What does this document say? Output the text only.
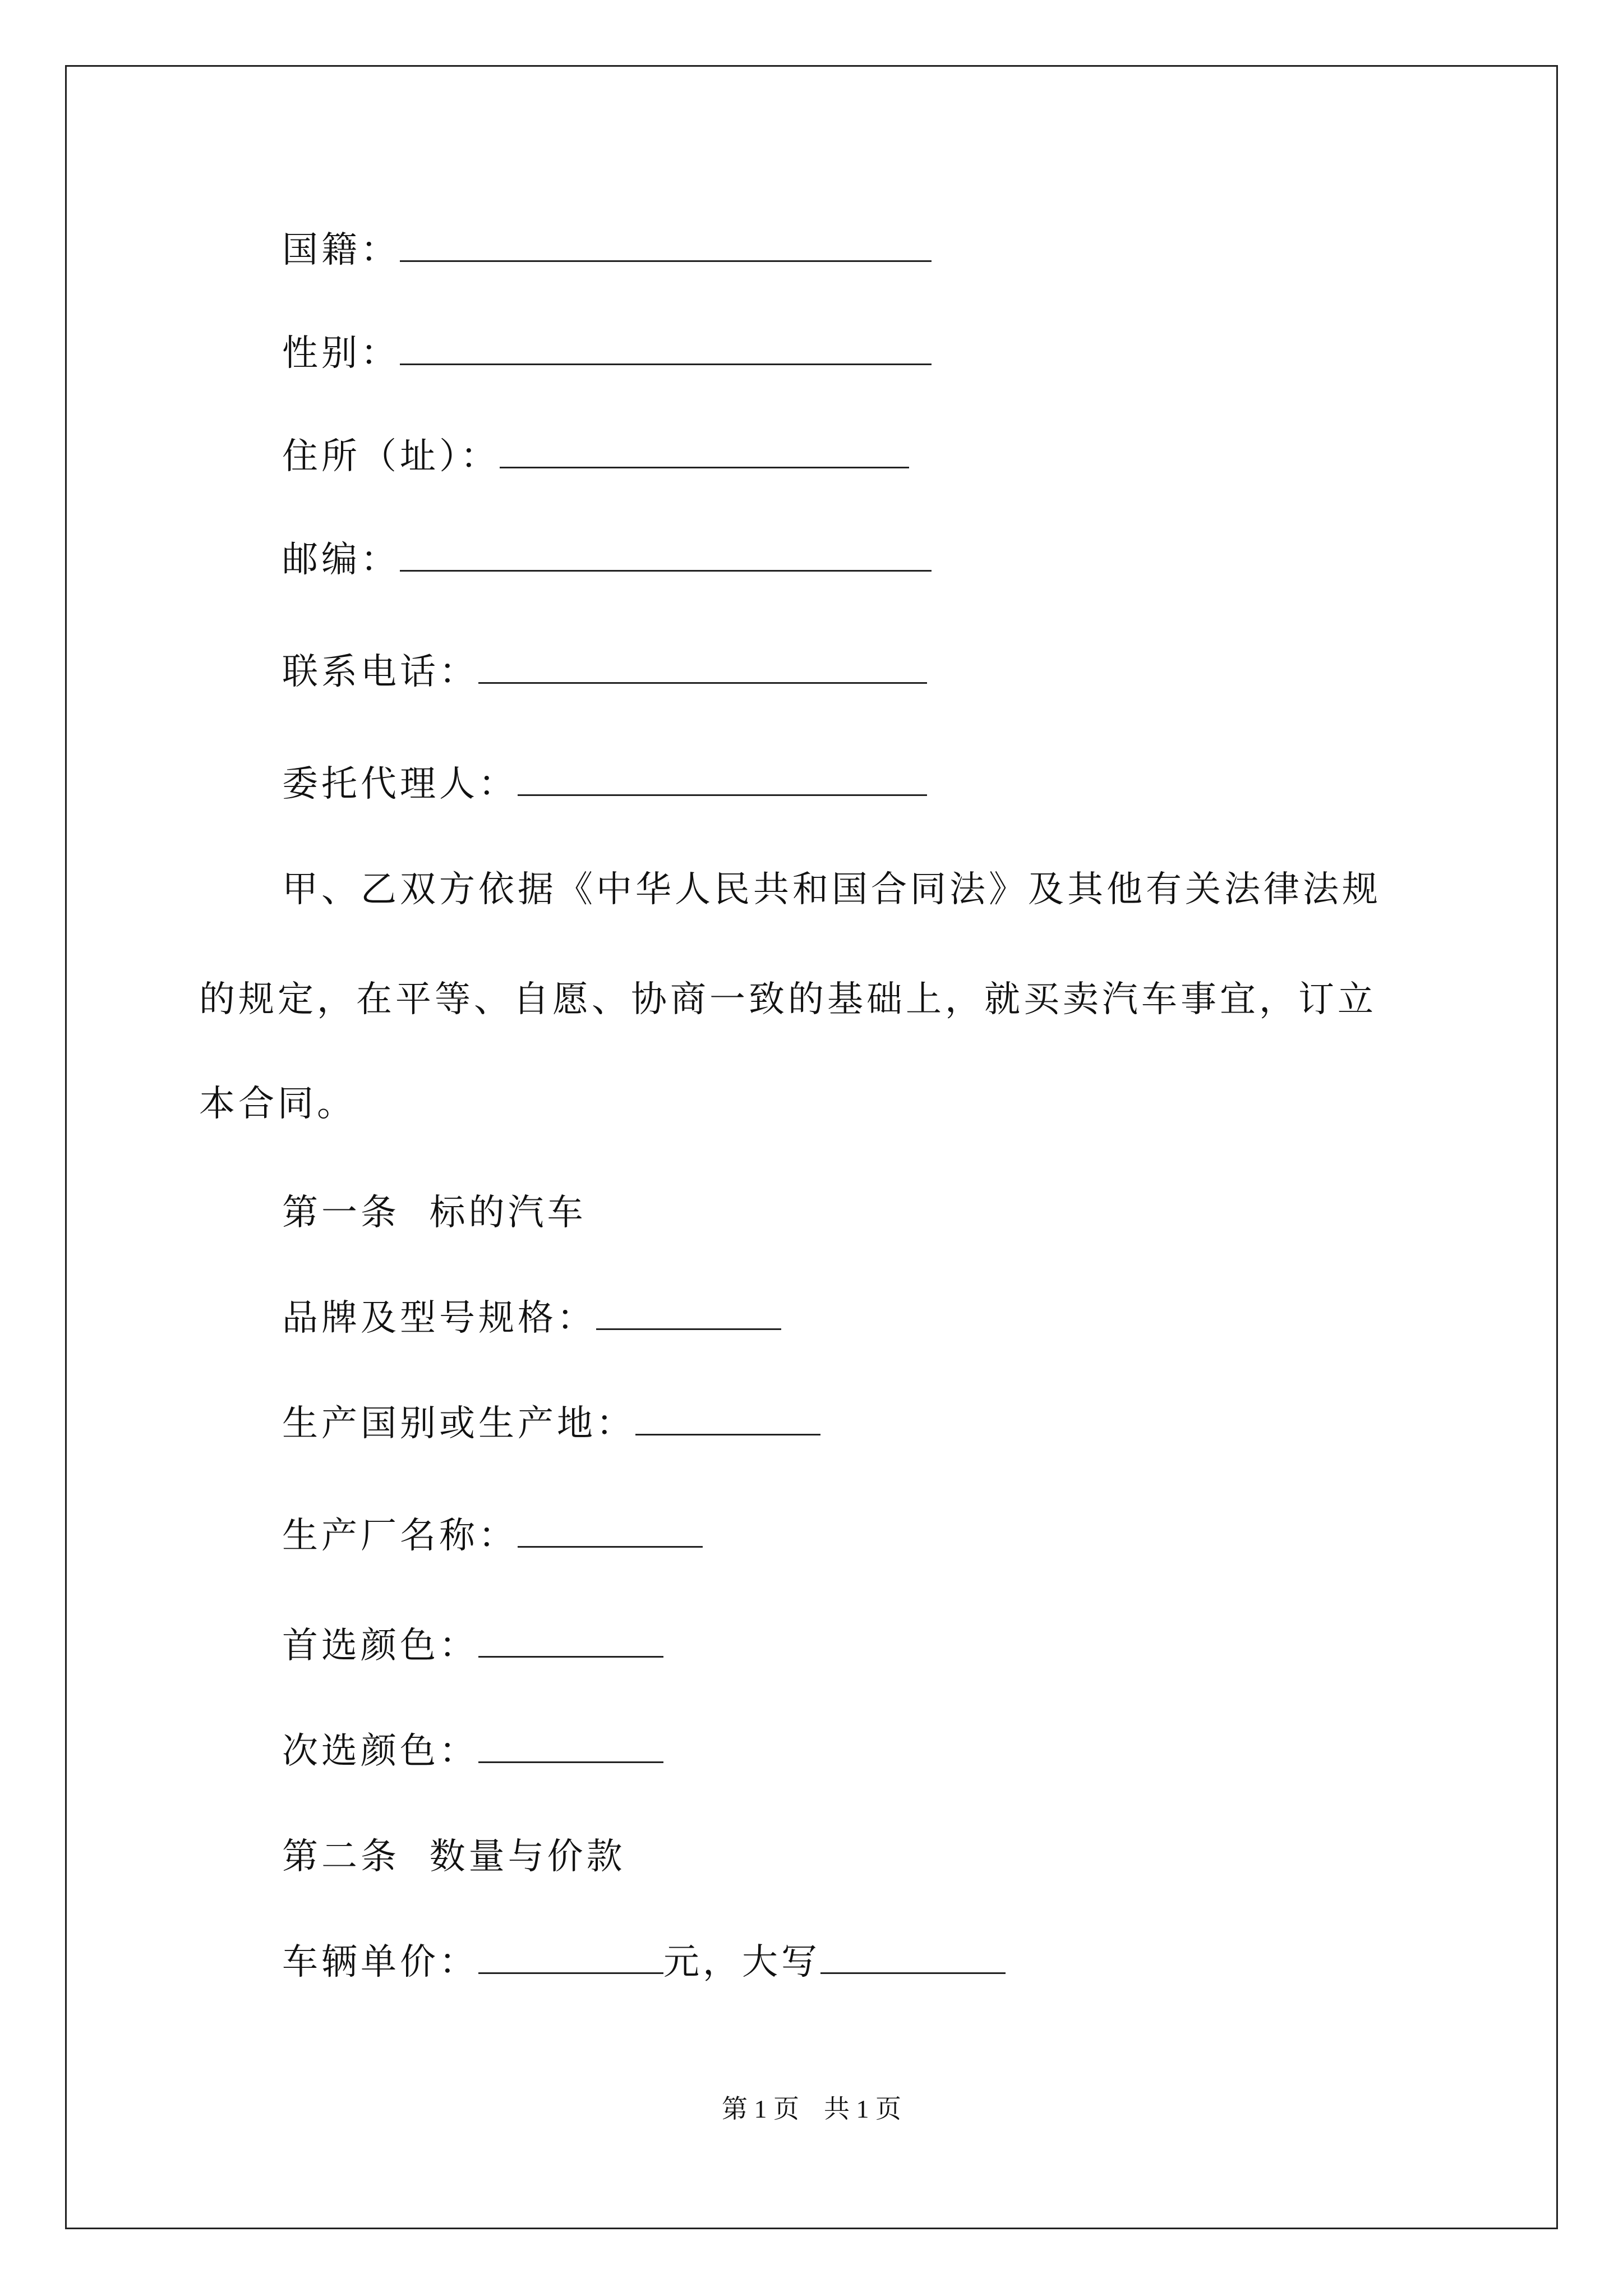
国籍：
性别：
住所（址）：
邮编：
联系电话：
委托代理人：
甲、乙双方依据《中华人民共和国合同法》及其他有关法律法规
的规定，在平等、自愿、协商一致的基础上，就买卖汽车事宜，订立
本合同。
第一条  标的汽车
品牌及型号规格：
生产国别或生产地：
生产厂名称：
首选颜色：
次选颜色：
第二条  数量与价款
车辆单价：	元，大写
第 1 页 共 1 页
